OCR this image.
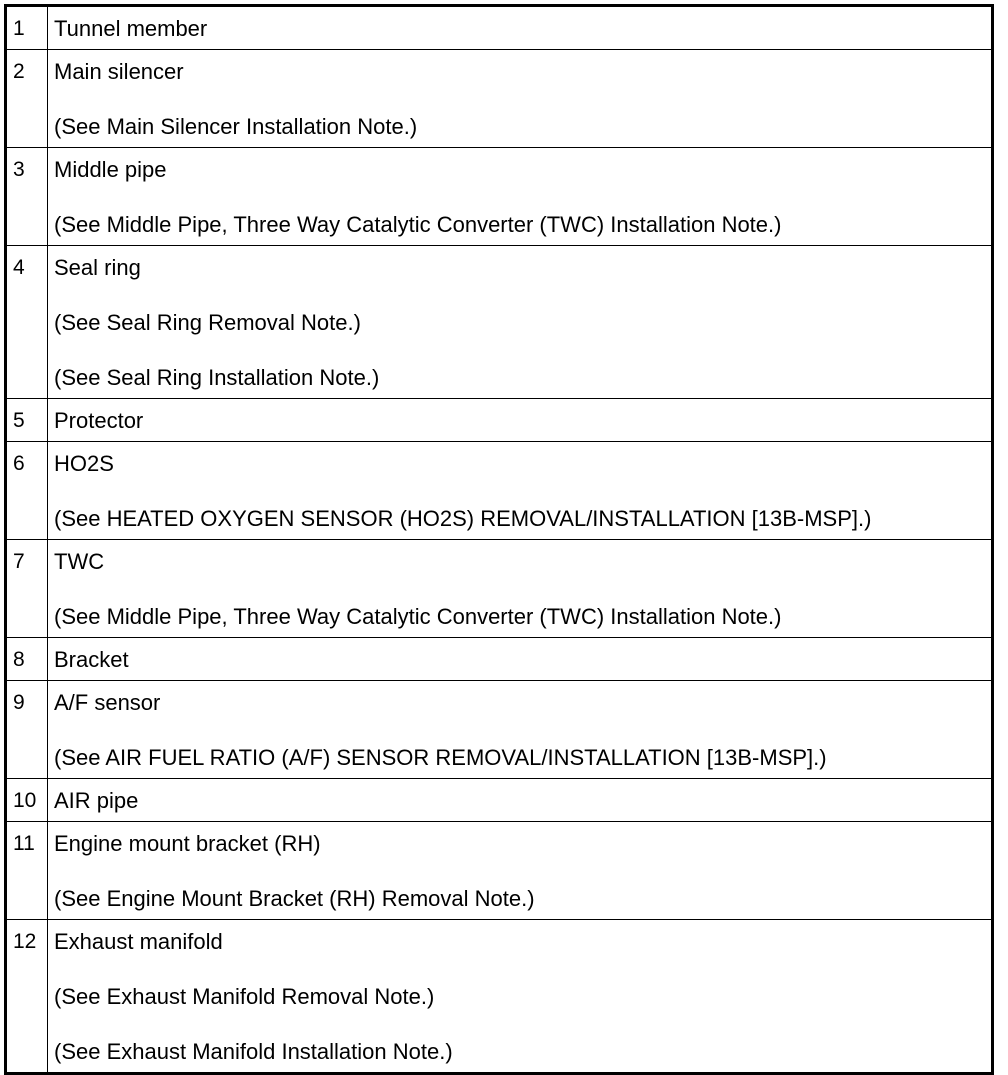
1	Tunnel member

2	Main silencer
(See Main Silencer Installation Note.)

3	Middle pipe
(See Middle Pipe, Three Way Catalytic Converter (TWC) Installation Note.)

4	Seal ring
(See Seal Ring Removal Note.)
(See Seal Ring Installation Note.)

5	Protector

6	HO2S
(See HEATED OXYGEN SENSOR (HO2S) REMOVAL/INSTALLATION [13B-MSP].)

7	TWC
(See Middle Pipe, Three Way Catalytic Converter (TWC) Installation Note.)

8	Bracket

9	A/F sensor
(See AIR FUEL RATIO (A/F) SENSOR REMOVAL/INSTALLATION [13B-MSP].)

10	AIR pipe

11	Engine mount bracket (RH)
(See Engine Mount Bracket (RH) Removal Note.)

12	Exhaust manifold
(See Exhaust Manifold Removal Note.)
(See Exhaust Manifold Installation Note.)
